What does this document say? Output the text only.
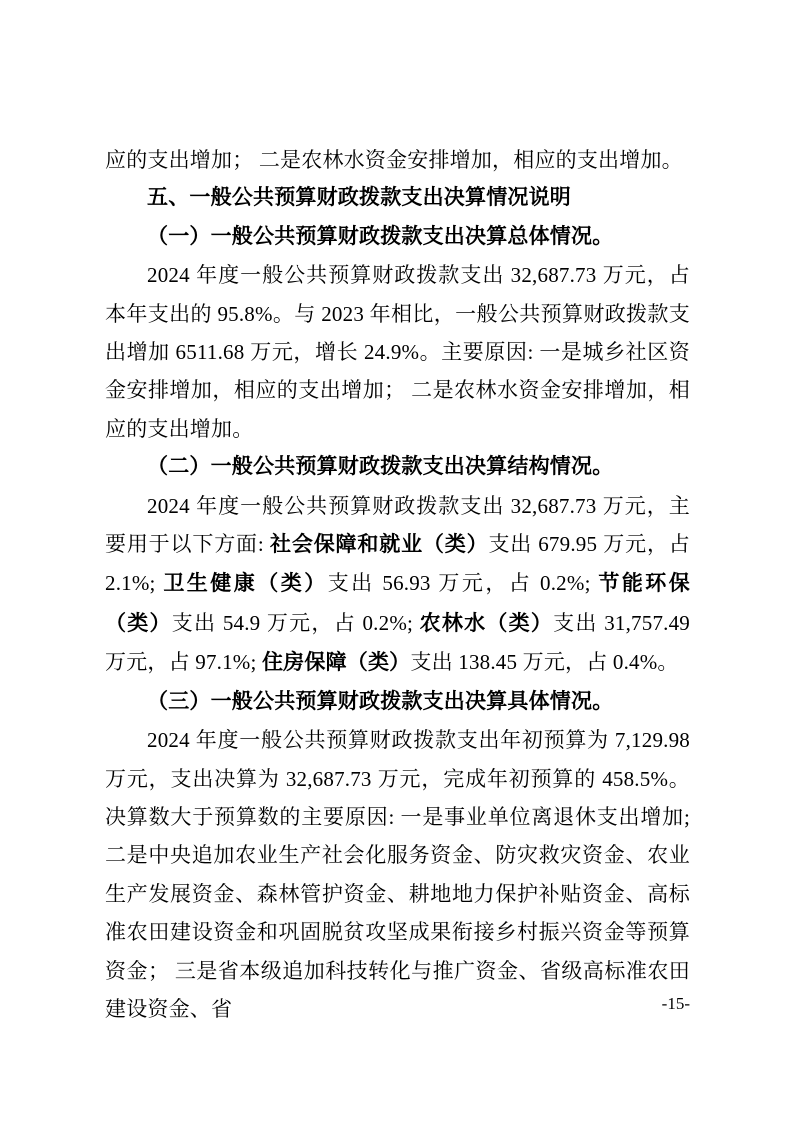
应的支出增加； 二是农林水资金安排增加，相应的支出增加。

五、一般公共预算财政拨款支出决算情况说明

（一）一般公共预算财政拨款支出决算总体情况。

2024 年度一般公共预算财政拨款支出 32,687.73 万元，占本年支出的 95.8%。与 2023 年相比，一般公共预算财政拨款支出增加 6511.68 万元，增长 24.9%。主要原因: 一是城乡社区资金安排增加，相应的支出增加； 二是农林水资金安排增加，相应的支出增加。

（二）一般公共预算财政拨款支出决算结构情况。

2024 年度一般公共预算财政拨款支出 32,687.73 万元，主要用于以下方面: 社会保障和就业（类）支出 679.95 万元，占 2.1%; 卫生健康（类）支出 56.93 万元，占 0.2%; 节能环保（类）支出 54.9 万元，占 0.2%; 农林水（类）支出 31,757.49 万元，占 97.1%; 住房保障（类）支出 138.45 万元，占 0.4%。

（三）一般公共预算财政拨款支出决算具体情况。

2024 年度一般公共预算财政拨款支出年初预算为 7,129.98 万元，支出决算为 32,687.73 万元，完成年初预算的 458.5%。决算数大于预算数的主要原因: 一是事业单位离退休支出增加; 二是中央追加农业生产社会化服务资金、防灾救灾资金、农业生产发展资金、森林管护资金、耕地地力保护补贴资金、高标准农田建设资金和巩固脱贫攻坚成果衔接乡村振兴资金等预算资金； 三是省本级追加科技转化与推广资金、省级高标准农田建设资金、省	-15-
